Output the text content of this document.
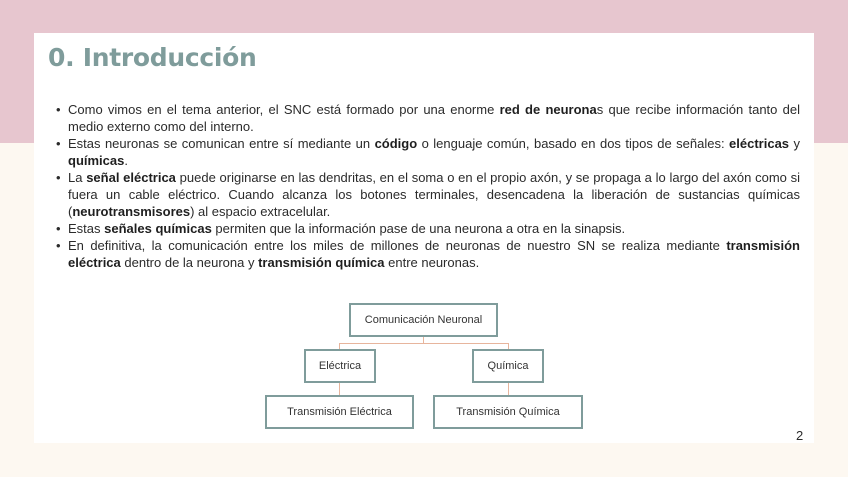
0. Introducción
• Como vimos en el tema anterior, el SNC está formado por una enorme red de neuronas que recibe información tanto del medio externo como del interno.
• Estas neuronas se comunican entre sí mediante un código o lenguaje común, basado en dos tipos de señales: eléctricas y químicas.
• La señal eléctrica puede originarse en las dendritas, en el soma o en el propio axón, y se propaga a lo largo del axón como si fuera un cable eléctrico. Cuando alcanza los botones terminales, desencadena la liberación de sustancias químicas (neurotransmisores) al espacio extracelular.
• Estas señales químicas permiten que la información pase de una neurona a otra en la sinapsis.
• En definitiva, la comunicación entre los miles de millones de neuronas de nuestro SN se realiza mediante transmisión eléctrica dentro de la neurona y transmisión química entre neuronas.
Comunicación Neuronal
Eléctrica	Química
Transmisión Eléctrica	Transmisión Química
2
